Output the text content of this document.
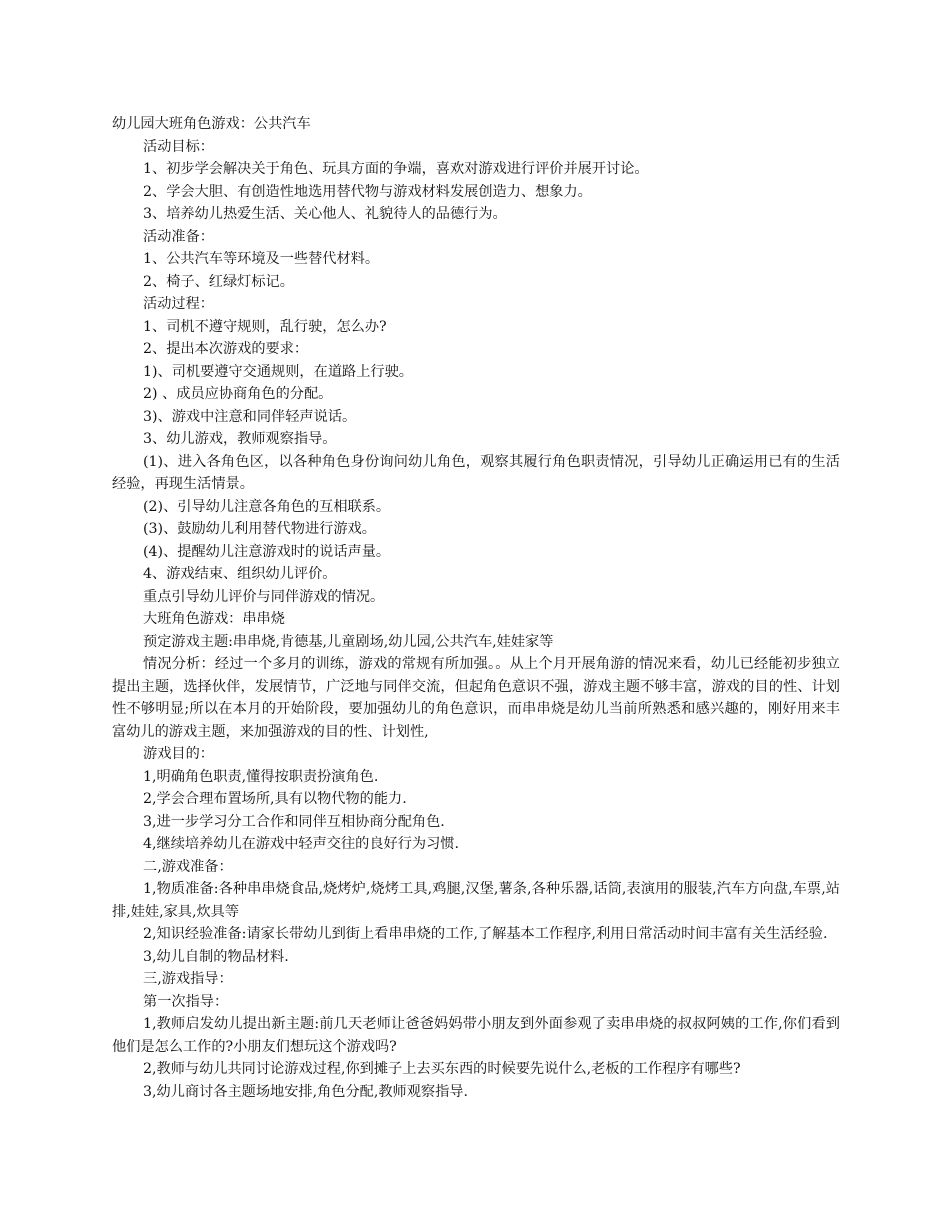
幼儿园大班角色游戏：公共汽车

活动目标：

1、初步学会解决关于角色、玩具方面的争端，喜欢对游戏进行评价并展开讨论。

2、学会大胆、有创造性地选用替代物与游戏材料发展创造力、想象力。

3、培养幼儿热爱生活、关心他人、礼貌待人的品德行为。

活动准备：

1、公共汽车等环境及一些替代材料。

2、椅子、红绿灯标记。

活动过程：

1、司机不遵守规则，乱行驶，怎么办?

2、提出本次游戏的要求：

1)、司机要遵守交通规则，在道路上行驶。

2) 、成员应协商角色的分配。

3)、游戏中注意和同伴轻声说话。

3、幼儿游戏，教师观察指导。

(1)、进入各角色区，以各种角色身份询问幼儿角色，观察其履行角色职责情况，引导幼儿正确运用已有的生活经验，再现生活情景。

(2)、引导幼儿注意各角色的互相联系。

(3)、鼓励幼儿利用替代物进行游戏。

(4)、提醒幼儿注意游戏时的说话声量。

4、游戏结束、组织幼儿评价。

重点引导幼儿评价与同伴游戏的情况。

大班角色游戏：串串烧

预定游戏主题:串串烧,肯德基,儿童剧场,幼儿园,公共汽车,娃娃家等

情况分析：经过一个多月的训练，游戏的常规有所加强。。从上个月开展角游的情况来看，幼儿已经能初步独立提出主题，选择伙伴，发展情节，广泛地与同伴交流，但起角色意识不强，游戏主题不够丰富，游戏的目的性、计划性不够明显;所以在本月的开始阶段，要加强幼儿的角色意识，而串串烧是幼儿当前所熟悉和感兴趣的，刚好用来丰富幼儿的游戏主题，来加强游戏的目的性、计划性,

游戏目的：

1,明确角色职责,懂得按职责扮演角色.

2,学会合理布置场所,具有以物代物的能力.

3,进一步学习分工合作和同伴互相协商分配角色.

4,继续培养幼儿在游戏中轻声交往的良好行为习惯.

二,游戏准备：

1,物质准备:各种串串烧食品,烧烤炉,烧烤工具,鸡腿,汉堡,薯条,各种乐器,话筒,表演用的服装,汽车方向盘,车票,站排,娃娃,家具,炊具等

2,知识经验准备:请家长带幼儿到街上看串串烧的工作,了解基本工作程序,利用日常活动时间丰富有关生活经验.

3,幼儿自制的物品材料.

三,游戏指导：

第一次指导：

1,教师启发幼儿提出新主题:前几天老师让爸爸妈妈带小朋友到外面参观了卖串串烧的叔叔阿姨的工作,你们看到他们是怎么工作的?小朋友们想玩这个游戏吗?

2,教师与幼儿共同讨论游戏过程,你到摊子上去买东西的时候要先说什么,老板的工作程序有哪些?

3,幼儿商讨各主题场地安排,角色分配,教师观察指导.
